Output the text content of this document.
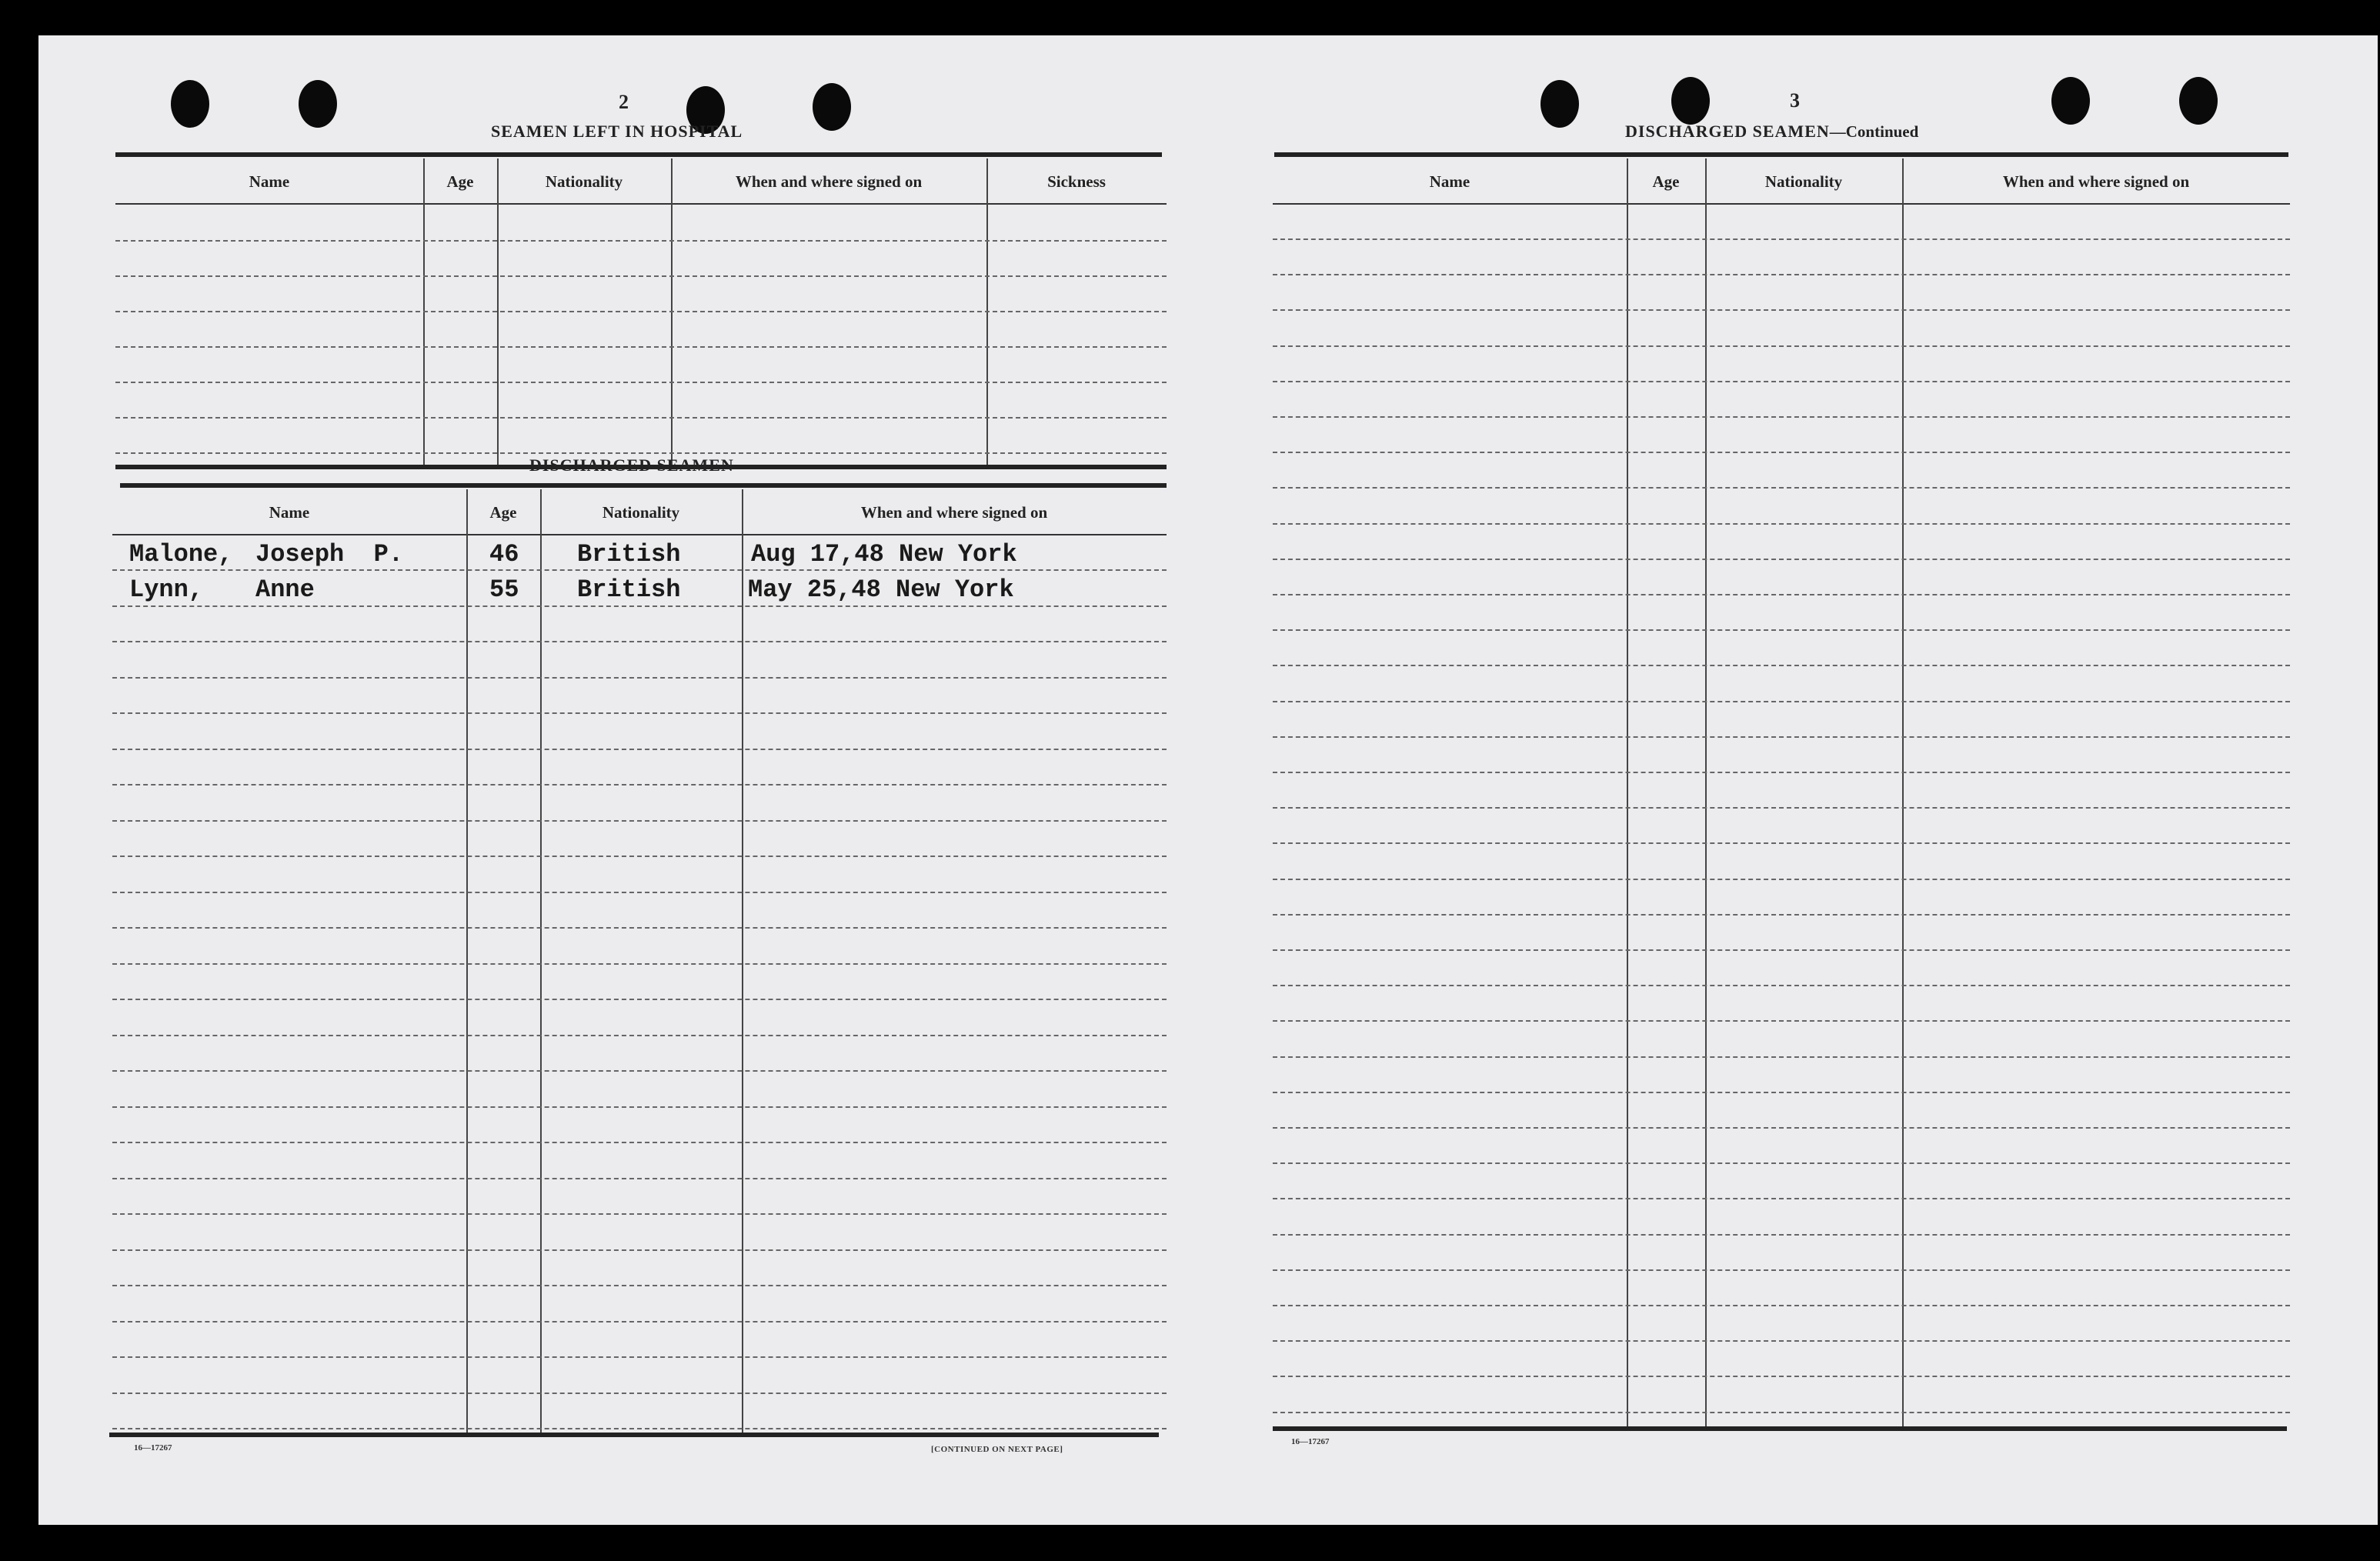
2
SEAMEN LEFT IN HOSPITAL
Name	Age	Nationality	When and where signed on	Sickness
DISCHARGED SEAMEN
Name	Age	Nationality	When and where signed on
Malone, Joseph  P.	46 British	Aug 17,48 New York
Lynn, Anne	55 British	May 25,48 New York
16—17267	[CONTINUED ON NEXT PAGE]
3
DISCHARGED SEAMEN—Continued
Name	Age	Nationality	When and where signed on
16—17267
